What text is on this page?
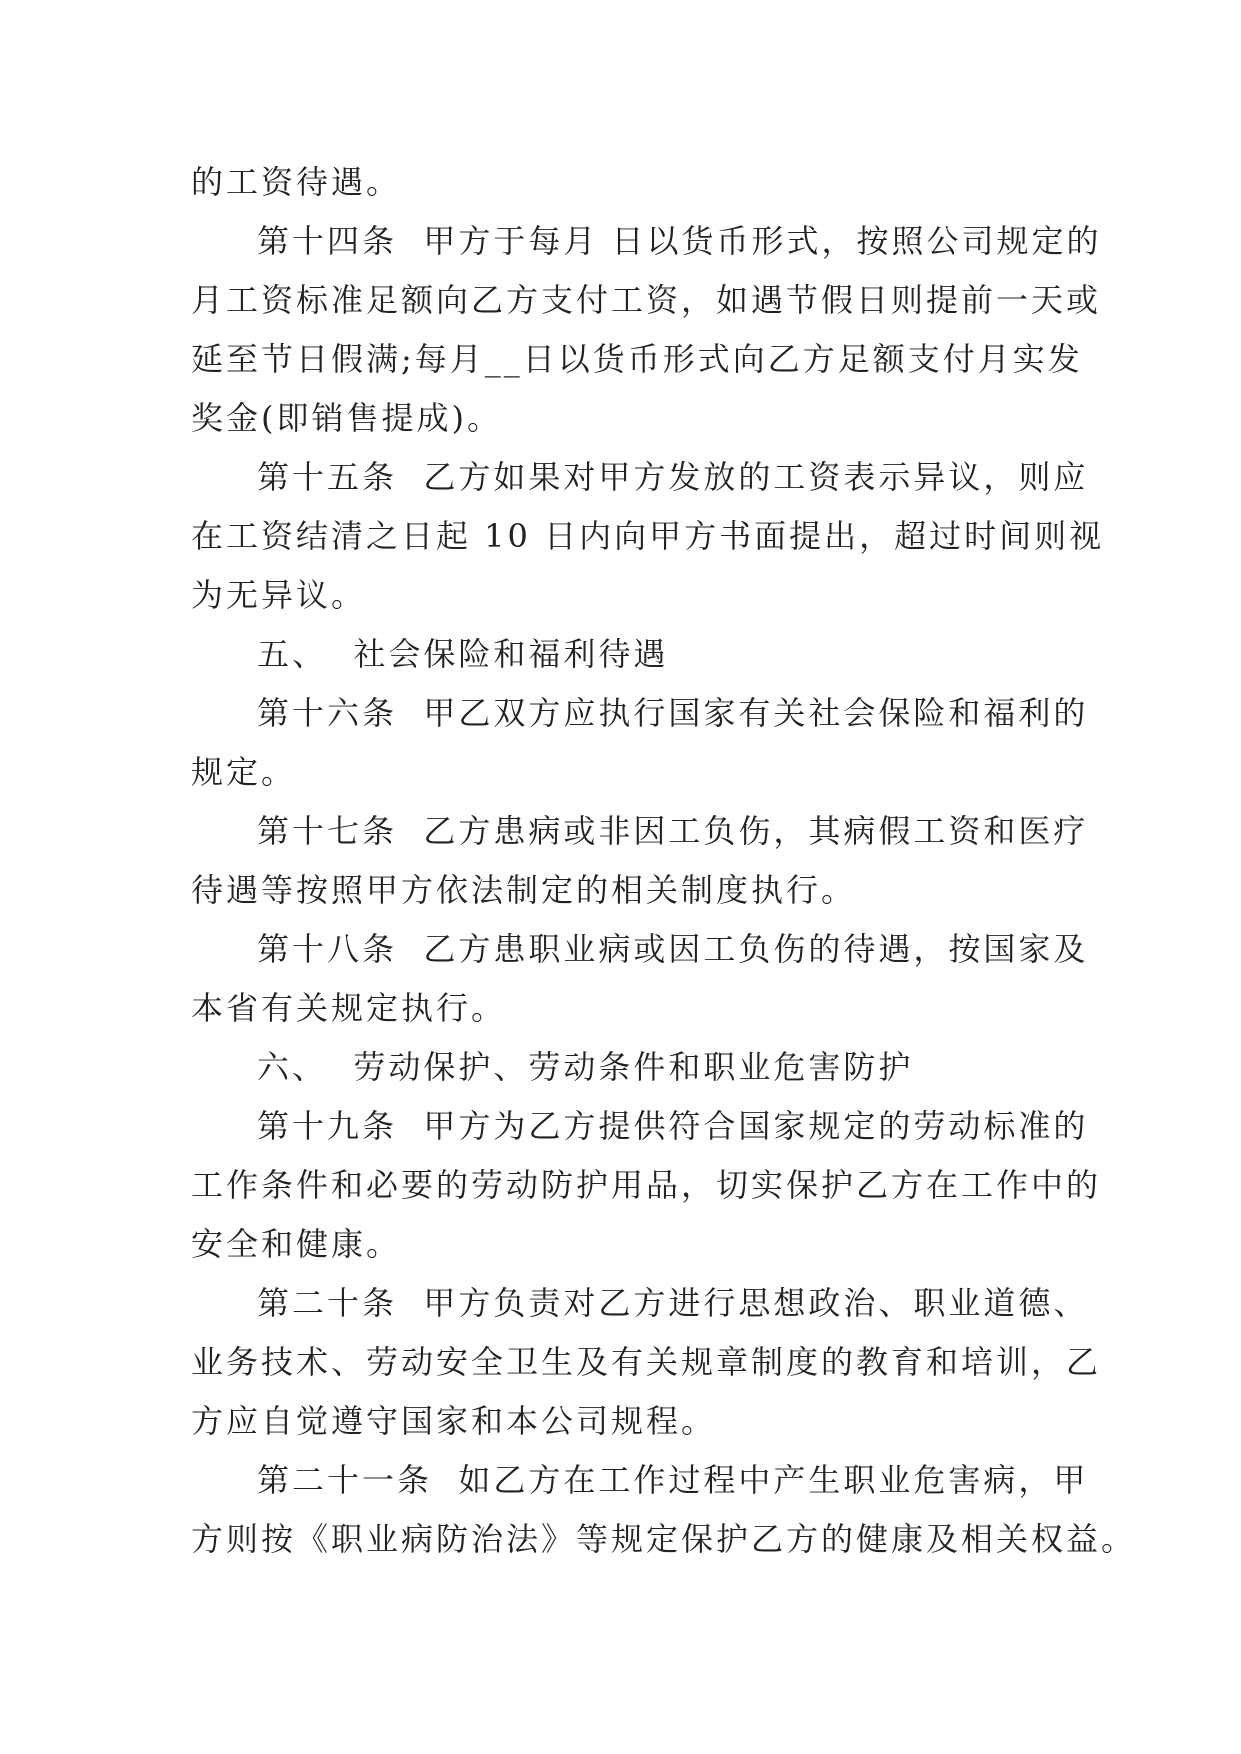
的工资待遇。
第十四条  甲方于每月 日以货币形式，按照公司规定的
月工资标准足额向乙方支付工资，如遇节假日则提前一天或
延至节日假满;每月__日以货币形式向乙方足额支付月实发
奖金(即销售提成)。
第十五条  乙方如果对甲方发放的工资表示异议，则应
在工资结清之日起 10 日内向甲方书面提出，超过时间则视
为无异议。
五、  社会保险和福利待遇
第十六条  甲乙双方应执行国家有关社会保险和福利的
规定。
第十七条  乙方患病或非因工负伤，其病假工资和医疗
待遇等按照甲方依法制定的相关制度执行。
第十八条  乙方患职业病或因工负伤的待遇，按国家及
本省有关规定执行。
六、  劳动保护、劳动条件和职业危害防护
第十九条  甲方为乙方提供符合国家规定的劳动标准的
工作条件和必要的劳动防护用品，切实保护乙方在工作中的
安全和健康。
第二十条  甲方负责对乙方进行思想政治、职业道德、
业务技术、劳动安全卫生及有关规章制度的教育和培训，乙
方应自觉遵守国家和本公司规程。
第二十一条  如乙方在工作过程中产生职业危害病，甲
方则按《职业病防治法》等规定保护乙方的健康及相关权益。
